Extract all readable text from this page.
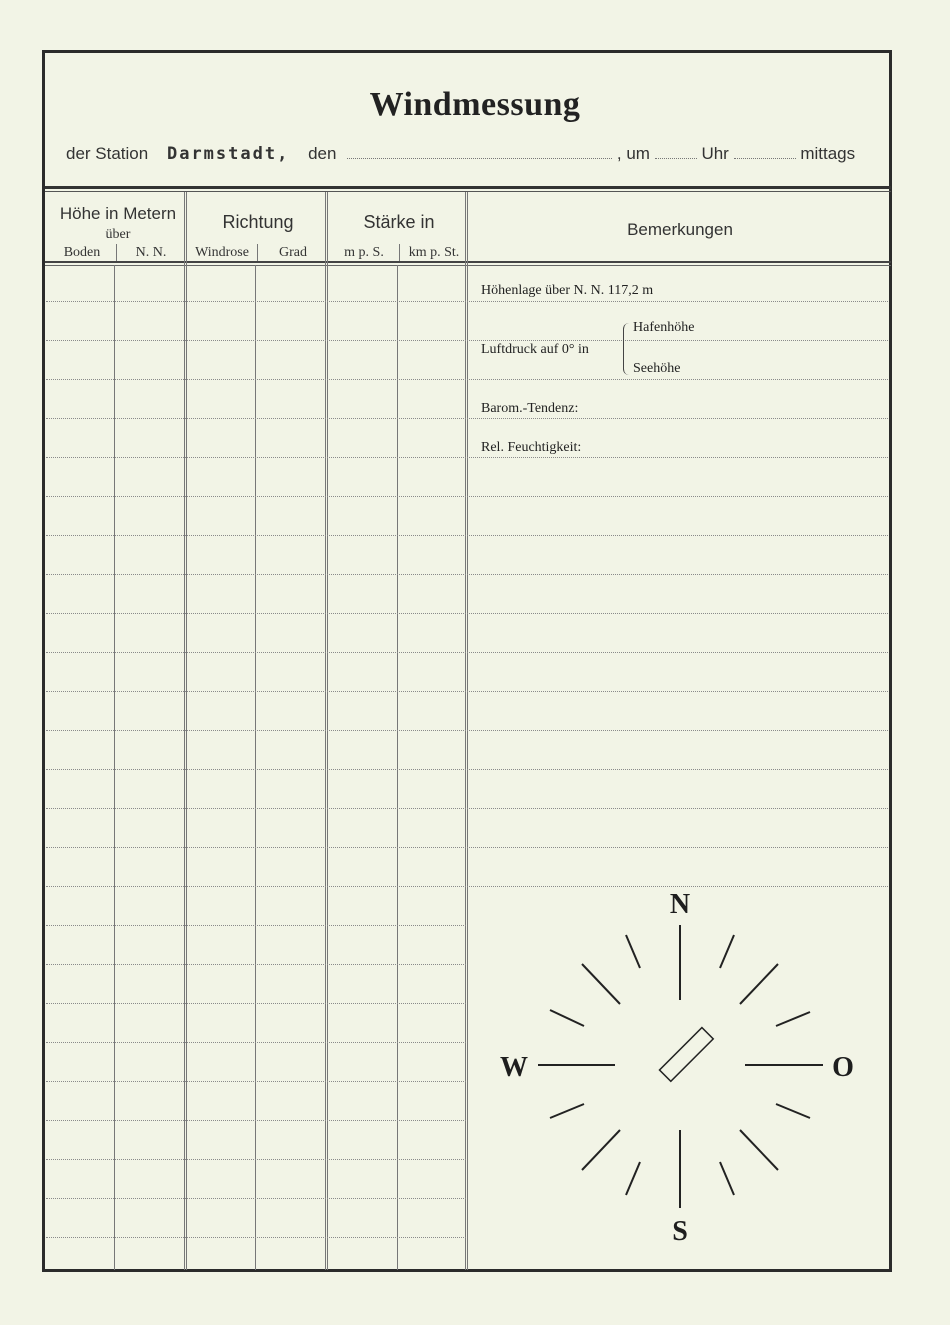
Windmessung
der Station Darmstadt, den	, um	Uhr	mittags
Höhe in Metern
über
Boden	N. N.
Richtung
Windrose	Grad
Stärke in
m p. S.	km p. St.
Bemerkungen
Höhenlage über N. N. 117,2 m
Luftdruck auf 0° in
Hafenhöhe
Seehöhe
Barom.-Tendenz:
Rel. Feuchtigkeit:
N
S
W	O
